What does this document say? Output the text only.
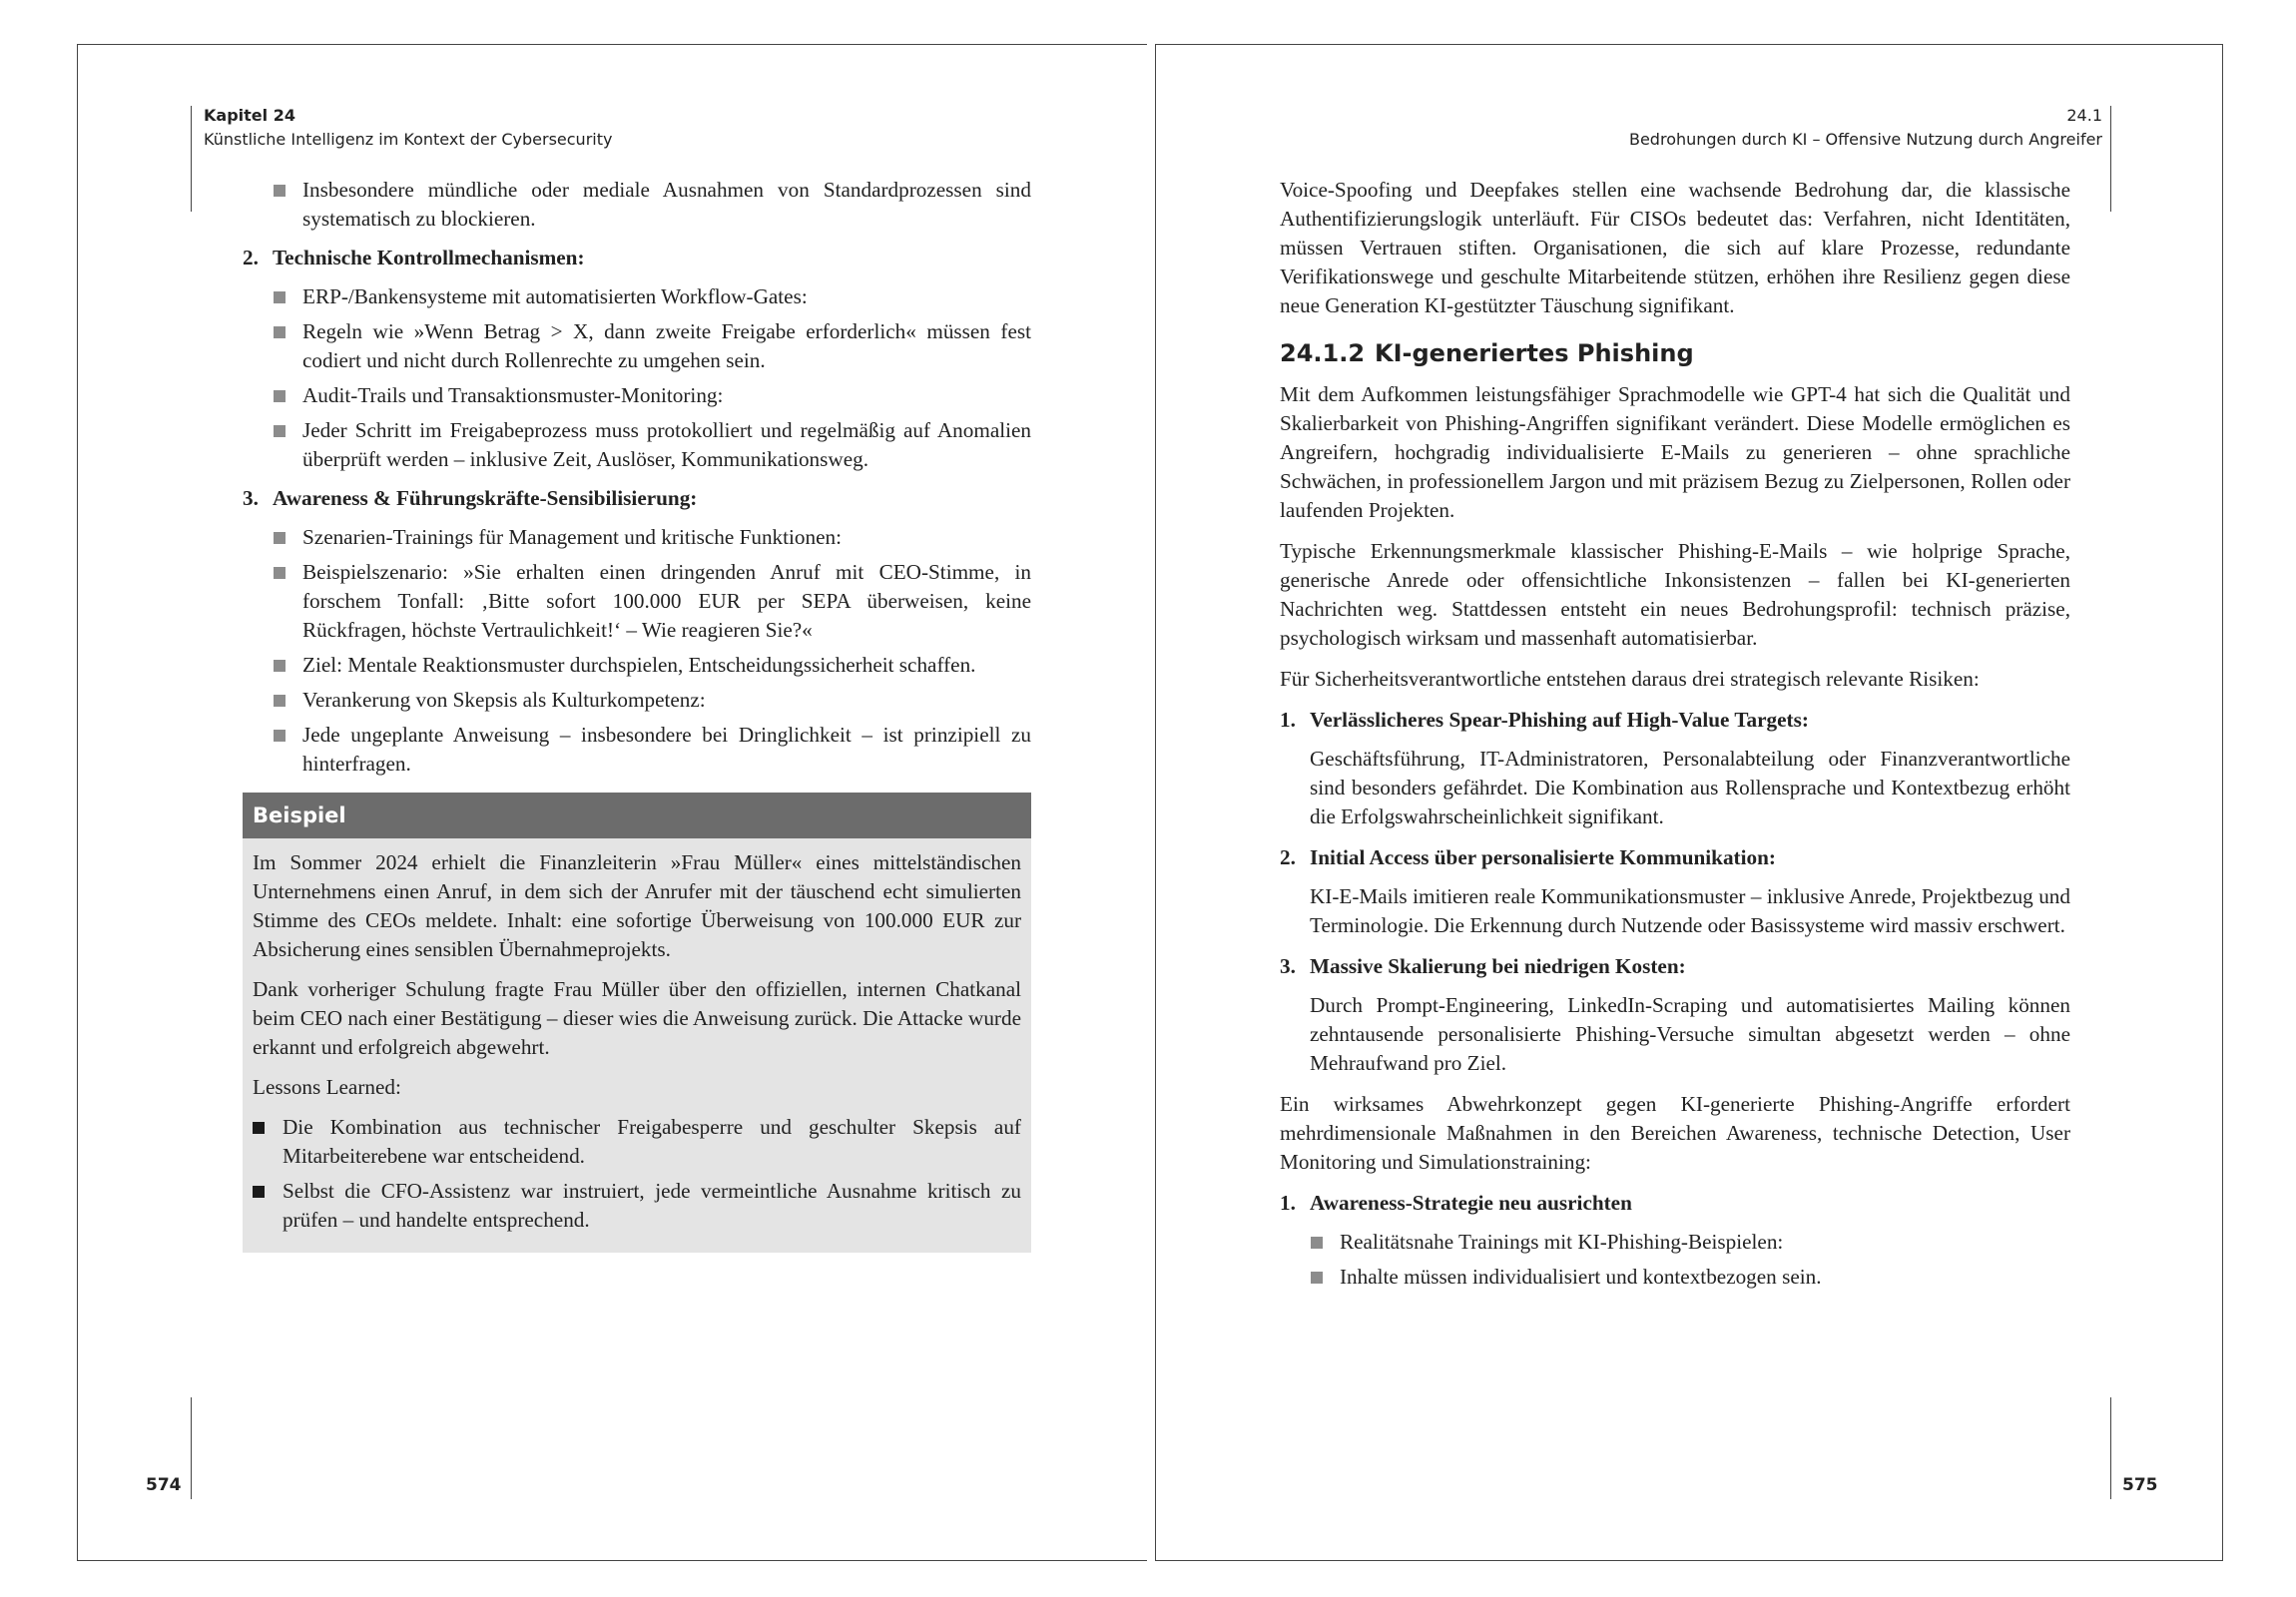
Kapitel 24
Künstliche Intelligenz im Kontext der Cybersecurity
Insbesondere mündliche oder mediale Ausnahmen von Standardprozessen sind systematisch zu blockieren.
2. Technische Kontrollmechanismen:
ERP-/Bankensysteme mit automatisierten Workflow-Gates:
Regeln wie »Wenn Betrag > X, dann zweite Freigabe erforderlich« müssen fest codiert und nicht durch Rollenrechte zu umgehen sein.
Audit-Trails und Transaktionsmuster-Monitoring:
Jeder Schritt im Freigabeprozess muss protokolliert und regelmäßig auf Anomalien überprüft werden – inklusive Zeit, Auslöser, Kommunikationsweg.
3. Awareness & Führungskräfte-Sensibilisierung:
Szenarien-Trainings für Management und kritische Funktionen:
Beispielszenario: »Sie erhalten einen dringenden Anruf mit CEO-Stimme, in forschem Tonfall: ‚Bitte sofort 100.000 EUR per SEPA überweisen, keine Rückfragen, höchste Vertraulichkeit!‘ – Wie reagieren Sie?«
Ziel: Mentale Reaktionsmuster durchspielen, Entscheidungssicherheit schaffen.
Verankerung von Skepsis als Kulturkompetenz:
Jede ungeplante Anweisung – insbesondere bei Dringlichkeit – ist prinzipiell zu hinterfragen.
Beispiel

Im Sommer 2024 erhielt die Finanzleiterin »Frau Müller« eines mittelständischen Unternehmens einen Anruf, in dem sich der Anrufer mit der täuschend echt simulierten Stimme des CEOs meldete. Inhalt: eine sofortige Überweisung von 100.000 EUR zur Absicherung eines sensiblen Übernahmeprojekts.

Dank vorheriger Schulung fragte Frau Müller über den offiziellen, internen Chatkanal beim CEO nach einer Bestätigung – dieser wies die Anweisung zurück. Die Attacke wurde erkannt und erfolgreich abgewehrt.

Lessons Learned:

Die Kombination aus technischer Freigabesperre und geschulter Skepsis auf Mitarbeiterebene war entscheidend.
Selbst die CFO-Assistenz war instruiert, jede vermeintliche Ausnahme kritisch zu prüfen – und handelte entsprechend.
574
24.1
Bedrohungen durch KI – Offensive Nutzung durch Angreifer

Voice-Spoofing und Deepfakes stellen eine wachsende Bedrohung dar, die klassische Authentifizierungslogik unterläuft. Für CISOs bedeutet das: Verfahren, nicht Identitäten, müssen Vertrauen stiften. Organisationen, die sich auf klare Prozesse, redundante Verifikationswege und geschulte Mitarbeitende stützen, erhöhen ihre Resilienz gegen diese neue Generation KI-gestützter Täuschung signifikant.

24.1.2 KI-generiertes Phishing

Mit dem Aufkommen leistungsfähiger Sprachmodelle wie GPT-4 hat sich die Qualität und Skalierbarkeit von Phishing-Angriffen signifikant verändert. Diese Modelle ermöglichen es Angreifern, hochgradig individualisierte E-Mails zu generieren – ohne sprachliche Schwächen, in professionellem Jargon und mit präzisem Bezug zu Zielpersonen, Rollen oder laufenden Projekten.

Typische Erkennungsmerkmale klassischer Phishing-E-Mails – wie holprige Sprache, generische Anrede oder offensichtliche Inkonsistenzen – fallen bei KI-generierten Nachrichten weg. Stattdessen entsteht ein neues Bedrohungsprofil: technisch präzise, psychologisch wirksam und massenhaft automatisierbar.

Für Sicherheitsverantwortliche entstehen daraus drei strategisch relevante Risiken:

1. Verlässlicheres Spear-Phishing auf High-Value Targets:
Geschäftsführung, IT-Administratoren, Personalabteilung oder Finanzverantwortliche sind besonders gefährdet. Die Kombination aus Rollensprache und Kontextbezug erhöht die Erfolgswahrscheinlichkeit signifikant.
2. Initial Access über personalisierte Kommunikation:
KI-E-Mails imitieren reale Kommunikationsmuster – inklusive Anrede, Projektbezug und Terminologie. Die Erkennung durch Nutzende oder Basissysteme wird massiv erschwert.
3. Massive Skalierung bei niedrigen Kosten:
Durch Prompt-Engineering, LinkedIn-Scraping und automatisiertes Mailing können zehntausende personalisierte Phishing-Versuche simultan abgesetzt werden – ohne Mehraufwand pro Ziel.

Ein wirksames Abwehrkonzept gegen KI-generierte Phishing-Angriffe erfordert mehrdimensionale Maßnahmen in den Bereichen Awareness, technische Detection, User Monitoring und Simulationstraining:

1. Awareness-Strategie neu ausrichten
Realitätsnahe Trainings mit KI-Phishing-Beispielen:
Inhalte müssen individualisiert und kontextbezogen sein.
575
